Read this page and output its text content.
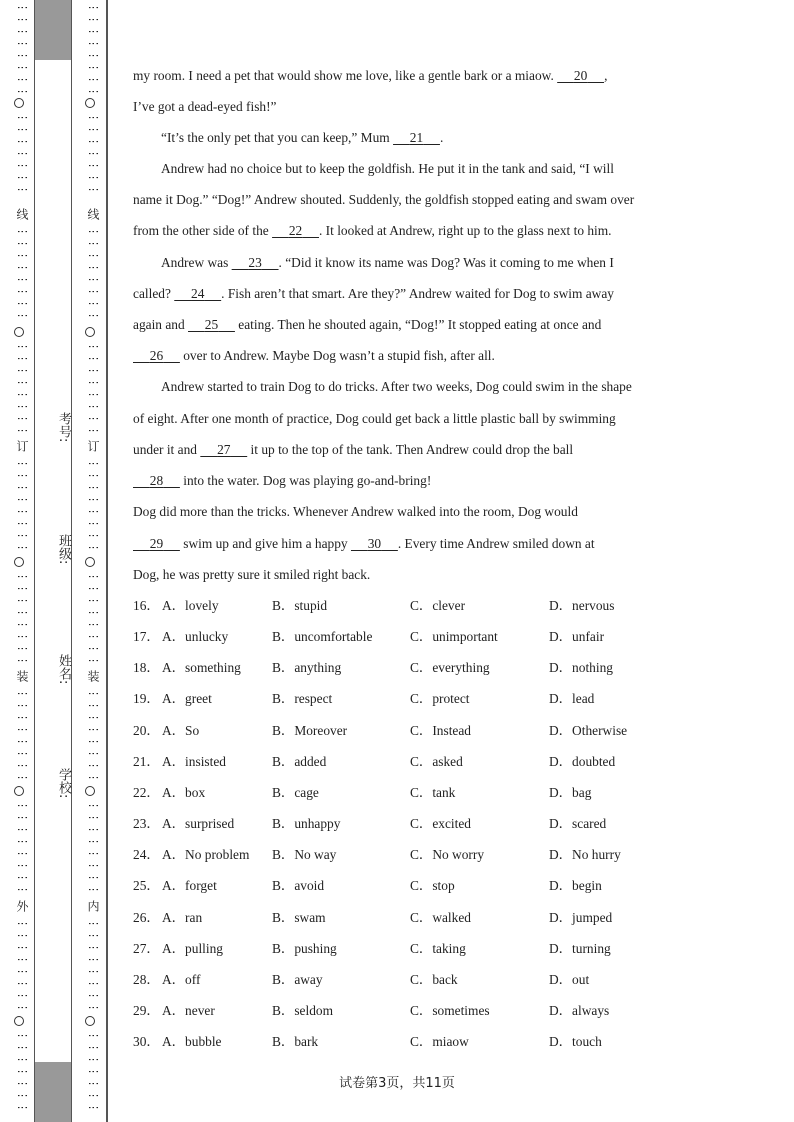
⋮⋮⋮⋮⋮⋮⋮⋮
⋮⋮⋮⋮⋮⋮⋮
线
⋮⋮⋮⋮⋮⋮⋮⋮
⋮⋮⋮⋮⋮⋮⋮⋮
订
⋮⋮⋮⋮⋮⋮⋮⋮
⋮⋮⋮⋮⋮⋮⋮⋮
装
⋮⋮⋮⋮⋮⋮⋮⋮
⋮⋮⋮⋮⋮⋮⋮⋮
外
⋮⋮⋮⋮⋮⋮⋮⋮
⋮⋮⋮⋮⋮⋮⋮
考号:
班级:
姓名:
学校:
⋮⋮⋮⋮⋮⋮⋮⋮
⋮⋮⋮⋮⋮⋮⋮
线
⋮⋮⋮⋮⋮⋮⋮⋮
⋮⋮⋮⋮⋮⋮⋮⋮
订
⋮⋮⋮⋮⋮⋮⋮⋮
⋮⋮⋮⋮⋮⋮⋮⋮
装
⋮⋮⋮⋮⋮⋮⋮⋮
⋮⋮⋮⋮⋮⋮⋮⋮
内
⋮⋮⋮⋮⋮⋮⋮⋮
⋮⋮⋮⋮⋮⋮⋮
my room. I need a pet that would show me love, like a gentle bark or a miaow.      20 ,
I’ve got a dead-eyed fish!”
“It’s the only pet that you can keep,” Mum      21 .
Andrew had no choice but to keep the goldfish. He put it in the tank and said, “I will
name it Dog.” “Dog!” Andrew shouted. Suddenly, the goldfish stopped eating and swam over
from the other side of the      22 . It looked at Andrew, right up to the glass next to him.
Andrew was      23 . “Did it know its name was Dog? Was it coming to me when I
called?      24 . Fish aren’t that smart. Are they?” Andrew waited for Dog to swim away
again and      25      eating. Then he shouted again, “Dog!” It stopped eating at once and
26      over to Andrew. Maybe Dog wasn’t a stupid fish, after all.
Andrew started to train Dog to do tricks. After two weeks, Dog could swim in the shape
of eight. After one month of practice, Dog could get back a little plastic ball by swimming
under it and      27      it up to the top of the tank. Then Andrew could drop the ball
28      into the water. Dog was playing go-and-bring!
Dog did more than the tricks. Whenever Andrew walked into the room, Dog would
29      swim up and give him a happy      30 . Every time Andrew smiled down at
Dog, he was pretty sure it smiled right back.
16． A．lovely	B．stupid	C．clever	D．nervous
17． A．unlucky	B．uncomfortable	C．unimportant	D．unfair
18． A．something B．anything	C．everything	D．nothing
19． A．greet	B．respect	C．protect	D．lead
20． A．So	B．Moreover	C．Instead	D．Otherwise
21． A．insisted	B．added	C．asked	D．doubted
22． A．box	B．cage	C．tank	D．bag
23． A．surprised	B．unhappy	C．excited	D．scared
24． A．No problem B．No way	C．No worry	D．No hurry
25． A．forget	B．avoid	C．stop	D．begin
26． A．ran	B．swam	C．walked	D．jumped
27． A．pulling	B．pushing	C．taking	D．turning
28． A．off	B．away	C．back	D．out
29． A．never	B．seldom	C．sometimes	D．always
30． A．bubble	B．bark	C．miaow	D．touch
试卷第3页，共11页
